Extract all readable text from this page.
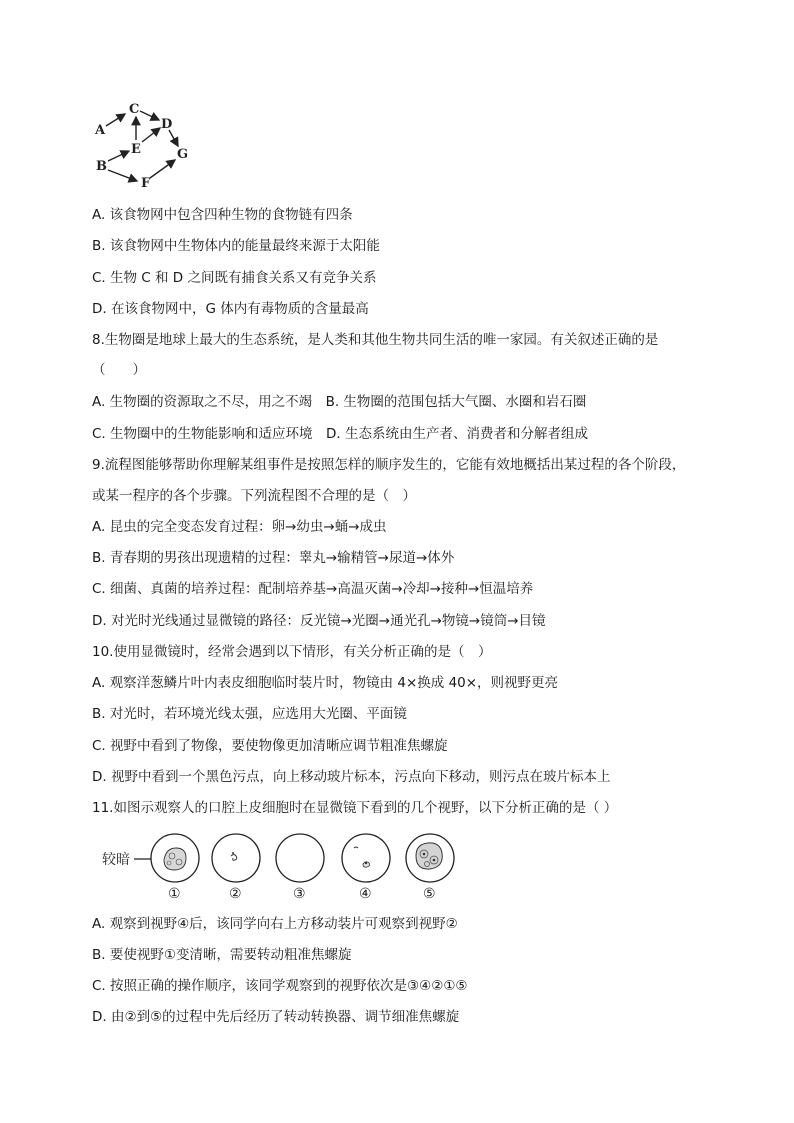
A
B
C
D
E
F
G
A. 该食物网中包含四种生物的食物链有四条
B. 该食物网中生物体内的能量最终来源于太阳能
C. 生物 C 和 D 之间既有捕食关系又有竞争关系
D. 在该食物网中，G 体内有毒物质的含量最高
8.生物圈是地球上最大的生态系统，是人类和其他生物共同生活的唯一家园。有关叙述正确的是
（　　）
A. 生物圈的资源取之不尽，用之不竭　B. 生物圈的范围包括大气圈、水圈和岩石圈
C. 生物圈中的生物能影响和适应环境　D. 生态系统由生产者、消费者和分解者组成
9.流程图能够帮助你理解某组事件是按照怎样的顺序发生的，它能有效地概括出某过程的各个阶段，
或某一程序的各个步骤。下列流程图不合理的是（　）
A. 昆虫的完全变态发育过程：卵→幼虫→蛹→成虫
B. 青春期的男孩出现遗精的过程：睾丸→输精管→尿道→体外
C. 细菌、真菌的培养过程：配制培养基→高温灭菌→冷却→接种→恒温培养
D. 对光时光线通过显微镜的路径：反光镜→光圈→通光孔→物镜→镜筒→目镜
10.使用显微镜时，经常会遇到以下情形，有关分析正确的是（　）
A. 观察洋葱鳞片叶内表皮细胞临时装片时，物镜由 4×换成 40×，则视野更亮
B. 对光时，若环境光线太强，应选用大光圈、平面镜
C. 视野中看到了物像，要使物像更加清晰应调节粗准焦螺旋
D. 视野中看到一个黑色污点，向上移动玻片标本，污点向下移动，则污点在玻片标本上
11.如图示观察人的口腔上皮细胞时在显微镜下看到的几个视野，以下分析正确的是（ ）
较暗
①	②	③	④	⑤
A. 观察到视野④后，该同学向右上方移动装片可观察到视野②
B. 要使视野①变清晰，需要转动粗准焦螺旋
C. 按照正确的操作顺序，该同学观察到的视野依次是③④②①⑤
D. 由②到⑤的过程中先后经历了转动转换器、调节细准焦螺旋
